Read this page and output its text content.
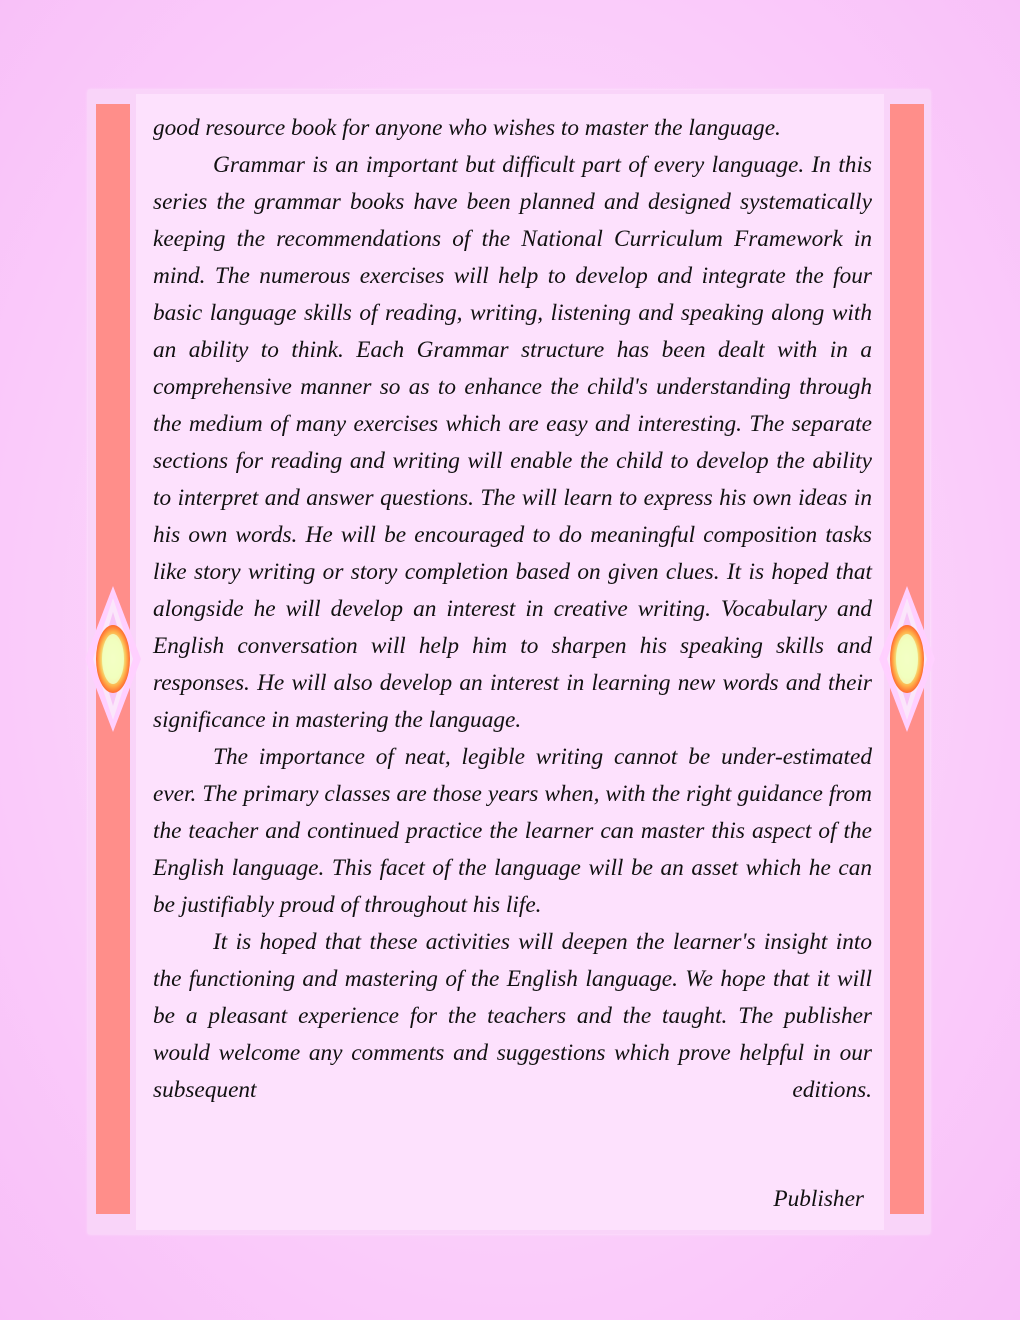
good resource book for anyone who wishes to master the language.

Grammar is an important but difficult part of every language. In this series the grammar books have been planned and designed systematically keeping the recommendations of the National Curriculum Framework in mind. The numerous exercises will help to develop and integrate the four basic language skills of reading, writing, listening and speaking along with an ability to think. Each Grammar structure has been dealt with in a comprehensive manner so as to enhance the child's understanding through the medium of many exercises which are easy and interesting. The separate sections for reading and writing will enable the child to develop the ability to interpret and answer questions. The will learn to express his own ideas in his own words. He will be encouraged to do meaningful composition tasks like story writing or story completion based on given clues. It is hoped that alongside he will develop an interest in creative writing. Vocabulary and English conversation will help him to sharpen his speaking skills and responses. He will also develop an interest in learning new words and their significance in mastering the language.

The importance of neat, legible writing cannot be under-estimated ever. The primary classes are those years when, with the right guidance from the teacher and continued practice the learner can master this aspect of the English language. This facet of the language will be an asset which he can be justifiably proud of throughout his life.

It is hoped that these activities will deepen the learner's insight into the functioning and mastering of the English language. We hope that it will be a pleasant experience for the teachers and the taught. The publisher would welcome any comments and suggestions which prove helpful in our subsequent editions.

Publisher
